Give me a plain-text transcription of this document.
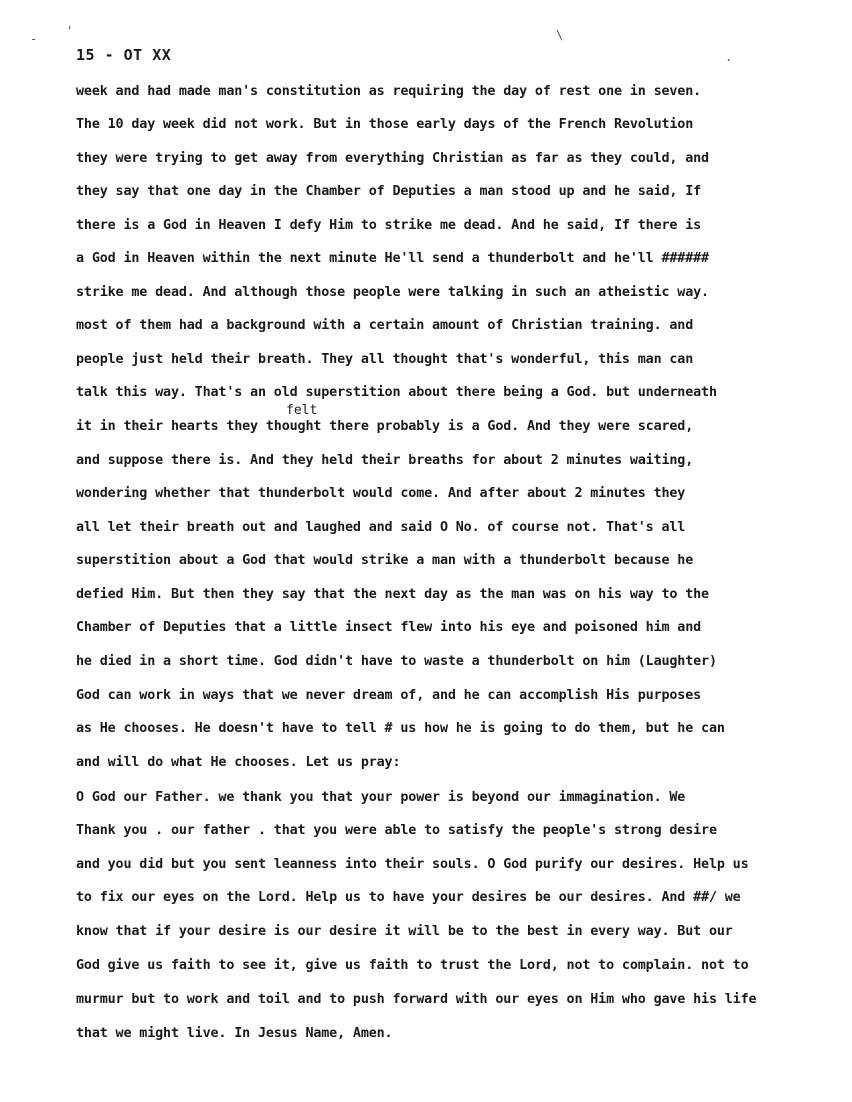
-
'	\
.
15 - OT XX
felt
week and had made man's constitution as requiring the day of rest one in seven.
The 10 day week did not work. But in those early days of the French Revolution
they were trying to get away from everything Christian as far as they could, and
they say that one day in the Chamber of Deputies a man stood up and he said, If
there is a God in Heaven I defy Him to strike me dead. And he said, If there is
a God in Heaven within the next minute He'll send a thunderbolt and he'll ######
strike me dead. And although those people were talking in such an atheistic way.
most of them had a background with a certain amount of Christian training. and
people just held their breath. They all thought that's wonderful, this man can
talk this way. That's an old superstition about there being a God. but underneath
it in their hearts they thought there probably is a God. And they were scared,
and suppose there is. And they held their breaths for about 2 minutes waiting,
wondering whether that thunderbolt would come. And after about 2 minutes they
all let their breath out and laughed and said O No. of course not. That's all
superstition about a God that would strike a man with a thunderbolt because he
defied Him. But then they say that the next day as the man was on his way to the
Chamber of Deputies that a little insect flew into his eye and poisoned him and
he died in a short time. God didn't have to waste a thunderbolt on him (Laughter)
God can work in ways that we never dream of, and he can accomplish His purposes
as He chooses. He doesn't have to tell # us how he is going to do them, but he can
and will do what He chooses. Let us pray:
O God our Father. we thank you that your power is beyond our immagination. We
Thank you . our father . that you were able to satisfy the people's strong desire
and you did but you sent leanness into their souls. O God purify our desires. Help us
to fix our eyes on the Lord. Help us to have your desires be our desires. And ##/ we
know that if your desire is our desire it will be to the best in every way. But our
God give us faith to see it, give us faith to trust the Lord, not to complain. not to
murmur but to work and toil and to push forward with our eyes on Him who gave his life
that we might live. In Jesus Name, Amen.
